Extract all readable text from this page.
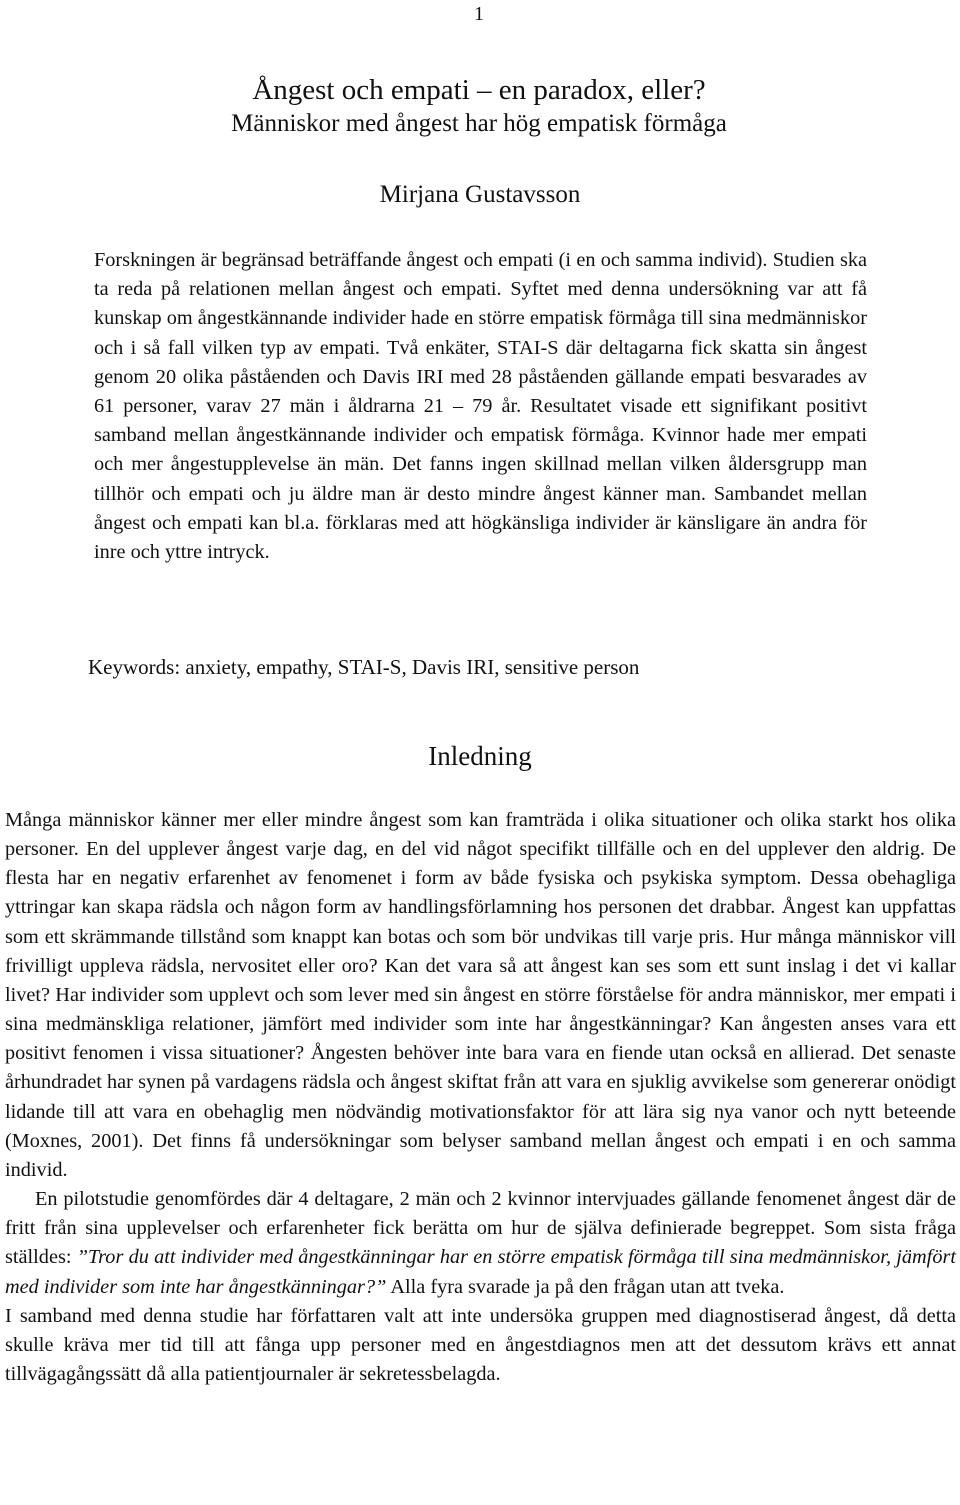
1
Ångest och empati – en paradox, eller?
Människor med ångest har hög empatisk förmåga
Mirjana Gustavsson

Forskningen är begränsad beträffande ångest och empati (i en och samma individ). Studien ska ta reda på relationen mellan ångest och empati. Syftet med denna undersökning var att få kunskap om ångestkännande individer hade en större empatisk förmåga till sina medmänniskor och i så fall vilken typ av empati. Två enkäter, STAI-S där deltagarna fick skatta sin ångest genom 20 olika påståenden och Davis IRI med 28 påståenden gällande empati besvarades av 61 personer, varav 27 män i åldrarna 21 – 79 år. Resultatet visade ett signifikant positivt samband mellan ångestkännande individer och empatisk förmåga. Kvinnor hade mer empati och mer ångestupplevelse än män. Det fanns ingen skillnad mellan vilken åldersgrupp man tillhör och empati och ju äldre man är desto mindre ångest känner man. Sambandet mellan ångest och empati kan bl.a. förklaras med att högkänsliga individer är känsligare än andra för inre och yttre intryck.

Keywords: anxiety, empathy, STAI-S, Davis IRI, sensitive person

Inledning

Många människor känner mer eller mindre ångest som kan framträda i olika situationer och olika starkt hos olika personer. En del upplever ångest varje dag, en del vid något specifikt tillfälle och en del upplever den aldrig. De flesta har en negativ erfarenhet av fenomenet i form av både fysiska och psykiska symptom. Dessa obehagliga yttringar kan skapa rädsla och någon form av handlingsförlamning hos personen det drabbar. Ångest kan uppfattas som ett skrämmande tillstånd som knappt kan botas och som bör undvikas till varje pris. Hur många människor vill frivilligt uppleva rädsla, nervositet eller oro? Kan det vara så att ångest kan ses som ett sunt inslag i det vi kallar livet? Har individer som upplevt och som lever med sin ångest en större förståelse för andra människor, mer empati i sina medmänskliga relationer, jämfört med individer som inte har ångestkänningar? Kan ångesten anses vara ett positivt fenomen i vissa situationer? Ångesten behöver inte bara vara en fiende utan också en allierad. Det senaste århundradet har synen på vardagens rädsla och ångest skiftat från att vara en sjuklig avvikelse som genererar onödigt lidande till att vara en obehaglig men nödvändig motivationsfaktor för att lära sig nya vanor och nytt beteende (Moxnes, 2001). Det finns få undersökningar som belyser samband mellan ångest och empati i en och samma individ.

En pilotstudie genomfördes där 4 deltagare, 2 män och 2 kvinnor intervjuades gällande fenomenet ångest där de fritt från sina upplevelser och erfarenheter fick berätta om hur de själva definierade begreppet. Som sista fråga ställdes: ”Tror du att individer med ångestkänningar har en större empatisk förmåga till sina medmänniskor, jämfört med individer som inte har ångestkänningar?” Alla fyra svarade ja på den frågan utan att tveka.

I samband med denna studie har författaren valt att inte undersöka gruppen med diagnostiserad ångest, då detta skulle kräva mer tid till att fånga upp personer med en ångestdiagnos men att det dessutom krävs ett annat tillvägagångssätt då alla patientjournaler är sekretessbelagda.
